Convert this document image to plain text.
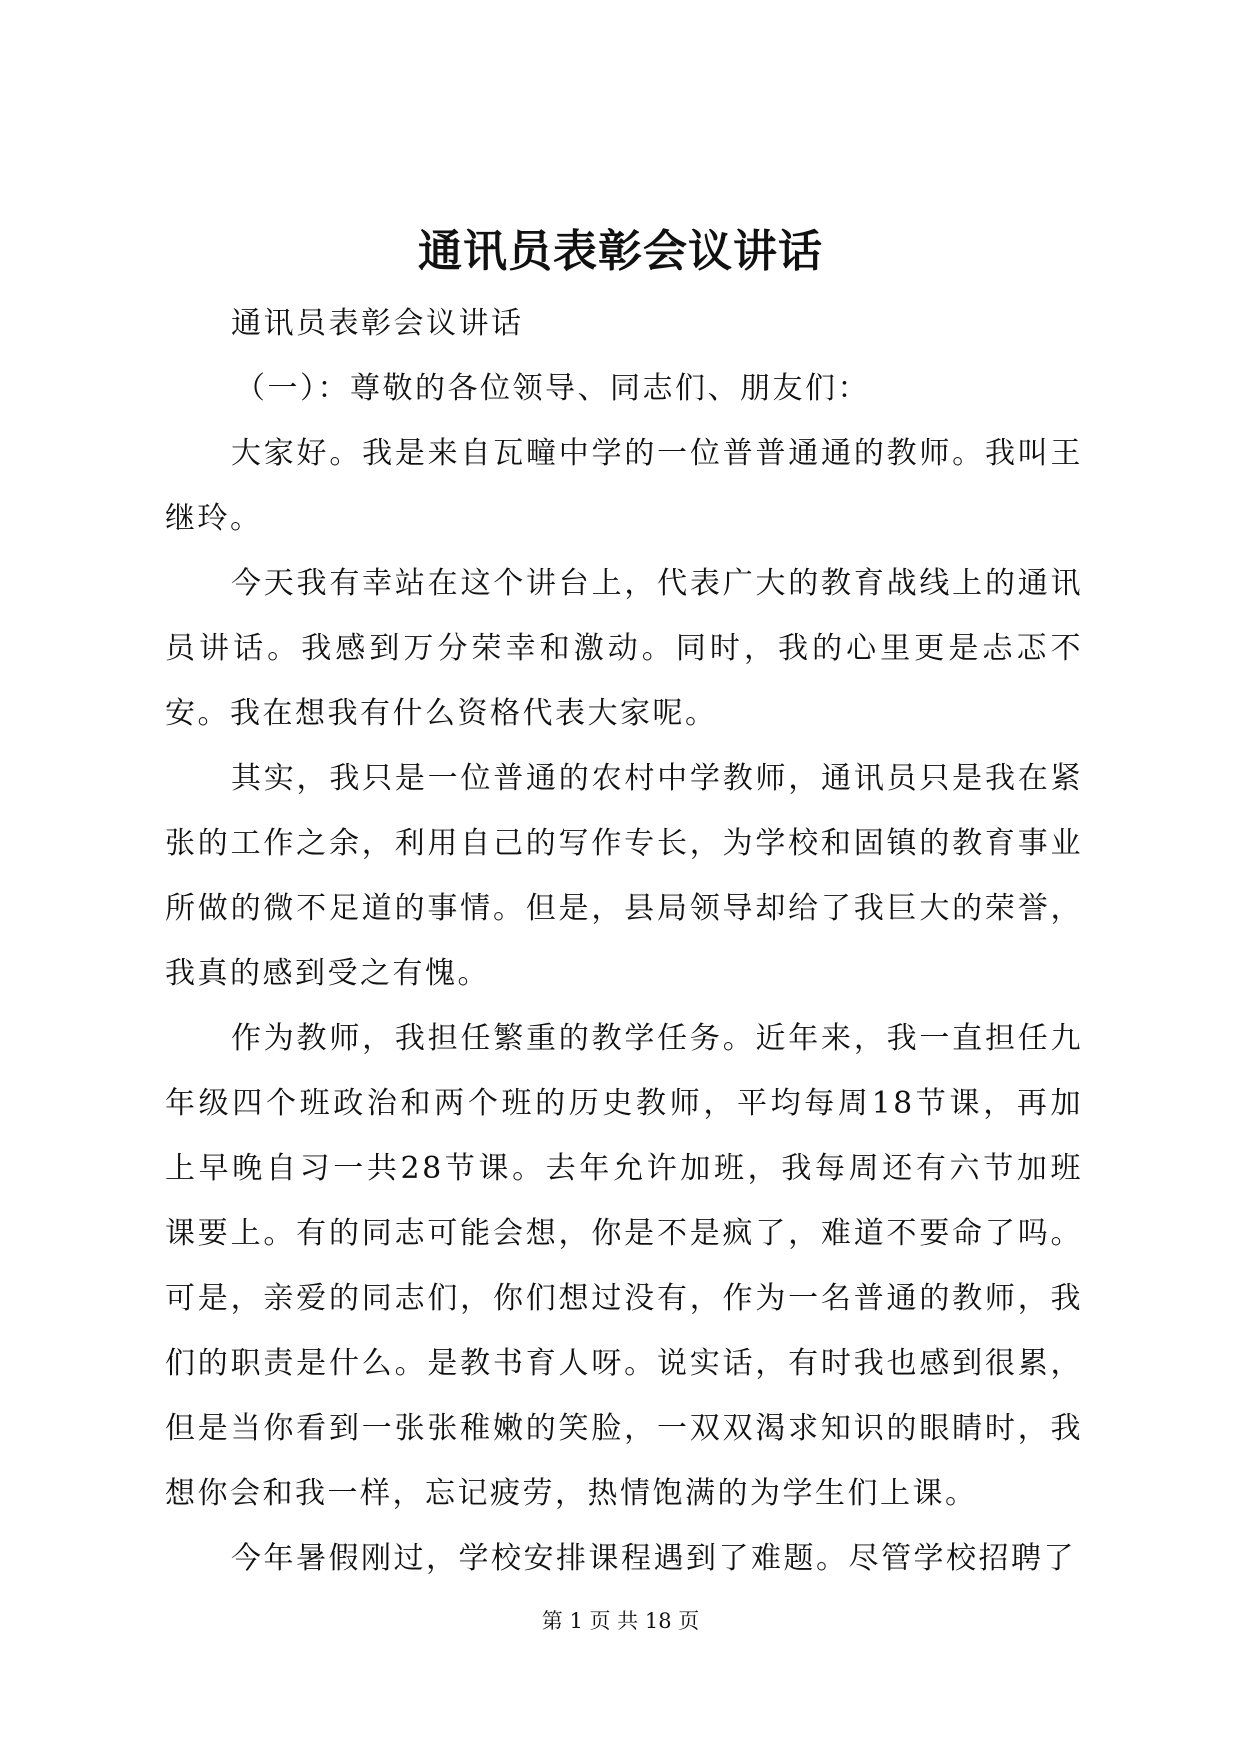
通讯员表彰会议讲话

通讯员表彰会议讲话

（一）：尊敬的各位领导、同志们、朋友们：

大家好。我是来自瓦疃中学的一位普普通通的教师。我叫王继玲。

今天我有幸站在这个讲台上，代表广大的教育战线上的通讯员讲话。我感到万分荣幸和激动。同时，我的心里更是忐忑不安。我在想我有什么资格代表大家呢。

其实，我只是一位普通的农村中学教师，通讯员只是我在紧张的工作之余，利用自己的写作专长，为学校和固镇的教育事业所做的微不足道的事情。但是，县局领导却给了我巨大的荣誉，我真的感到受之有愧。

作为教师，我担任繁重的教学任务。近年来，我一直担任九年级四个班政治和两个班的历史教师，平均每周18节课，再加上早晚自习一共28节课。去年允许加班，我每周还有六节加班课要上。有的同志可能会想，你是不是疯了，难道不要命了吗。可是，亲爱的同志们，你们想过没有，作为一名普通的教师，我们的职责是什么。是教书育人呀。说实话，有时我也感到很累，但是当你看到一张张稚嫩的笑脸，一双双渴求知识的眼睛时，我想你会和我一样，忘记疲劳，热情饱满的为学生们上课。

今年暑假刚过，学校安排课程遇到了难题。尽管学校招聘了

第 1 页 共 18 页
